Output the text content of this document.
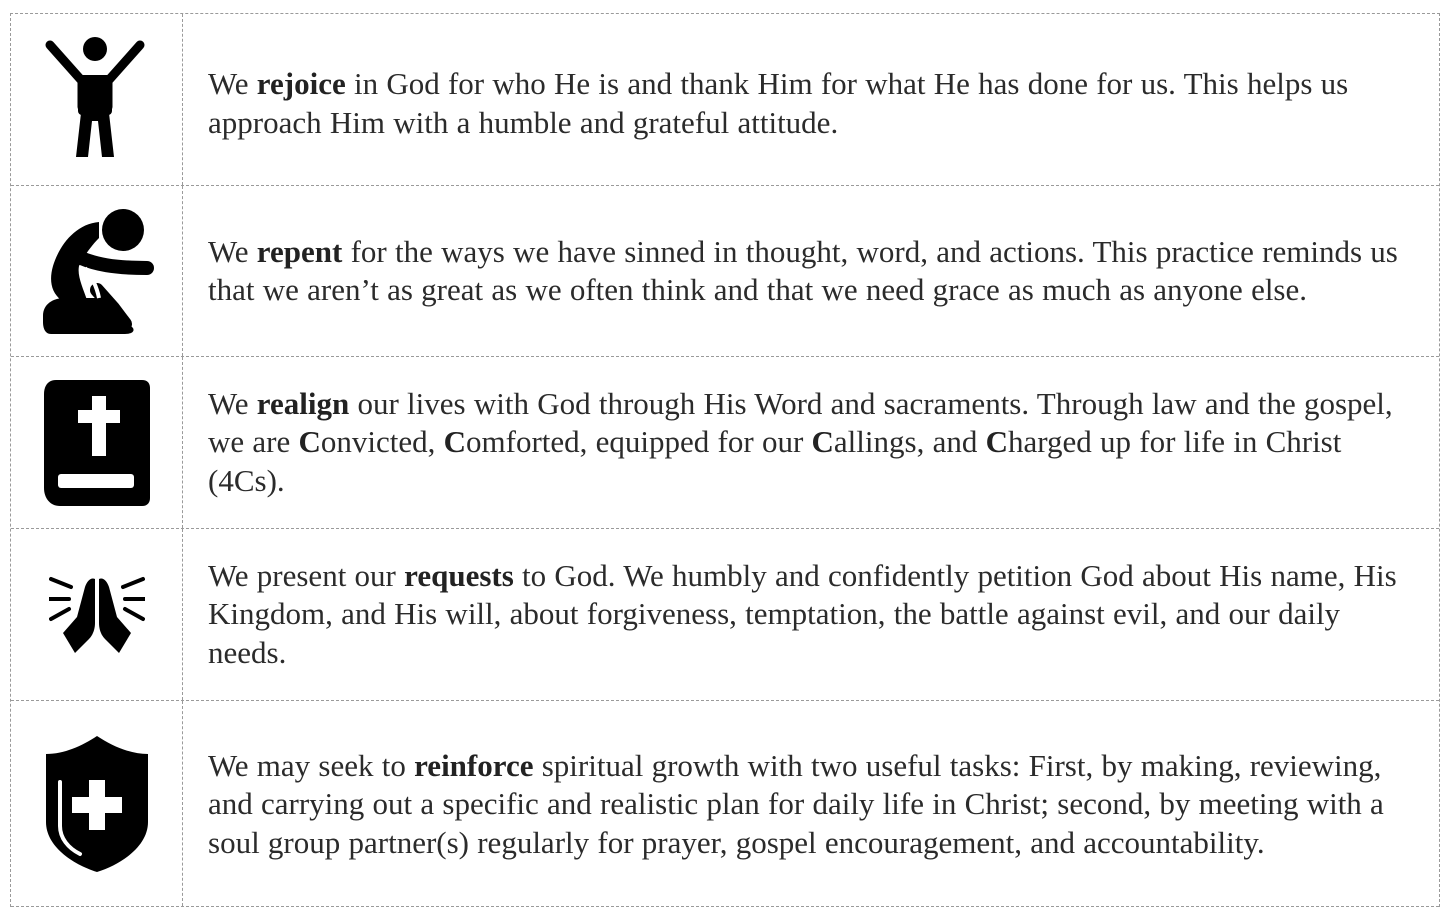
We rejoice in God for who He is and thank Him for what He has done for us. This helps us approach Him with a humble and grateful attitude.

We repent for the ways we have sinned in thought, word, and actions. This practice reminds us that we aren’t as great as we often think and that we need grace as much as anyone else.

We realign our lives with God through His Word and sacraments. Through law and the gospel, we are Convicted, Comforted, equipped for our Callings, and Charged up for life in Christ (4Cs).

We present our requests to God. We humbly and confidently petition God about His name, His Kingdom, and His will, about forgiveness, temptation, the battle against evil, and our daily needs.

We may seek to reinforce spiritual growth with two useful tasks: First, by making, reviewing, and carrying out a specific and realistic plan for daily life in Christ; second, by meeting with a soul group partner(s) regularly for prayer, gospel encouragement, and accountability.
